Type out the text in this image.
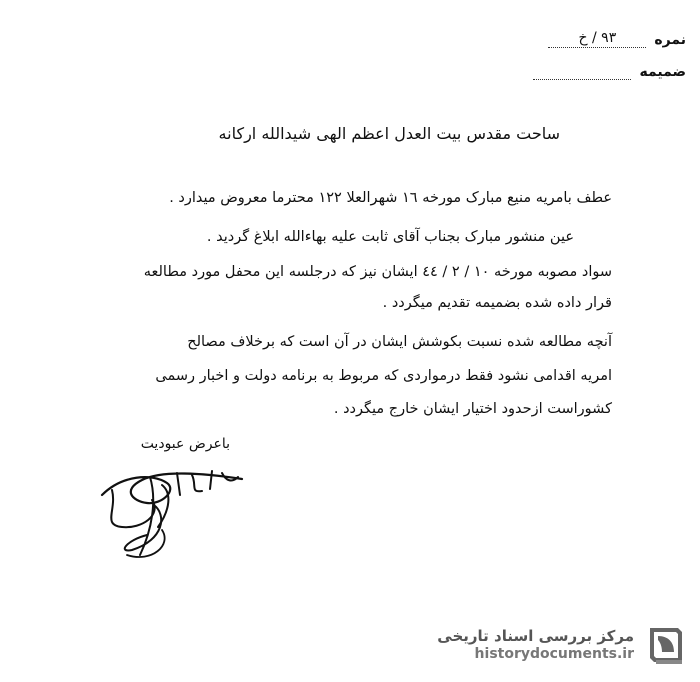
نمره
۹۳ / خ
ضمیمه
ساحت مقدس بیت العدل اعظم الهی شیدالله ارکانه
عطف بامریه منیع مبارک مورخه ۱٦ شهرالعلا ۱۲۲ محترما معروض میدارد .
عین منشور مبارک بجناب آقای ثابت علیه بهاءالله ابلاغ گردید .
سواد مصوبه مورخه ۱۰ / ۲ / ٤٤ ایشان نیز که درجلسه این محفل مورد مطالعه
قرار داده شده بضمیمه تقدیم میگردد .
آنچه مطالعه شده نسبت بکوشش ایشان در آن است که برخلاف مصالح
امریه اقدامی نشود فقط درمواردی که مربوط به برنامه دولت و اخبار رسمی
کشوراست ازحدود اختیار ایشان خارج میگردد .
باعرض عبودیت
مرکز بررسی اسناد تاریخی
historydocuments.ir
